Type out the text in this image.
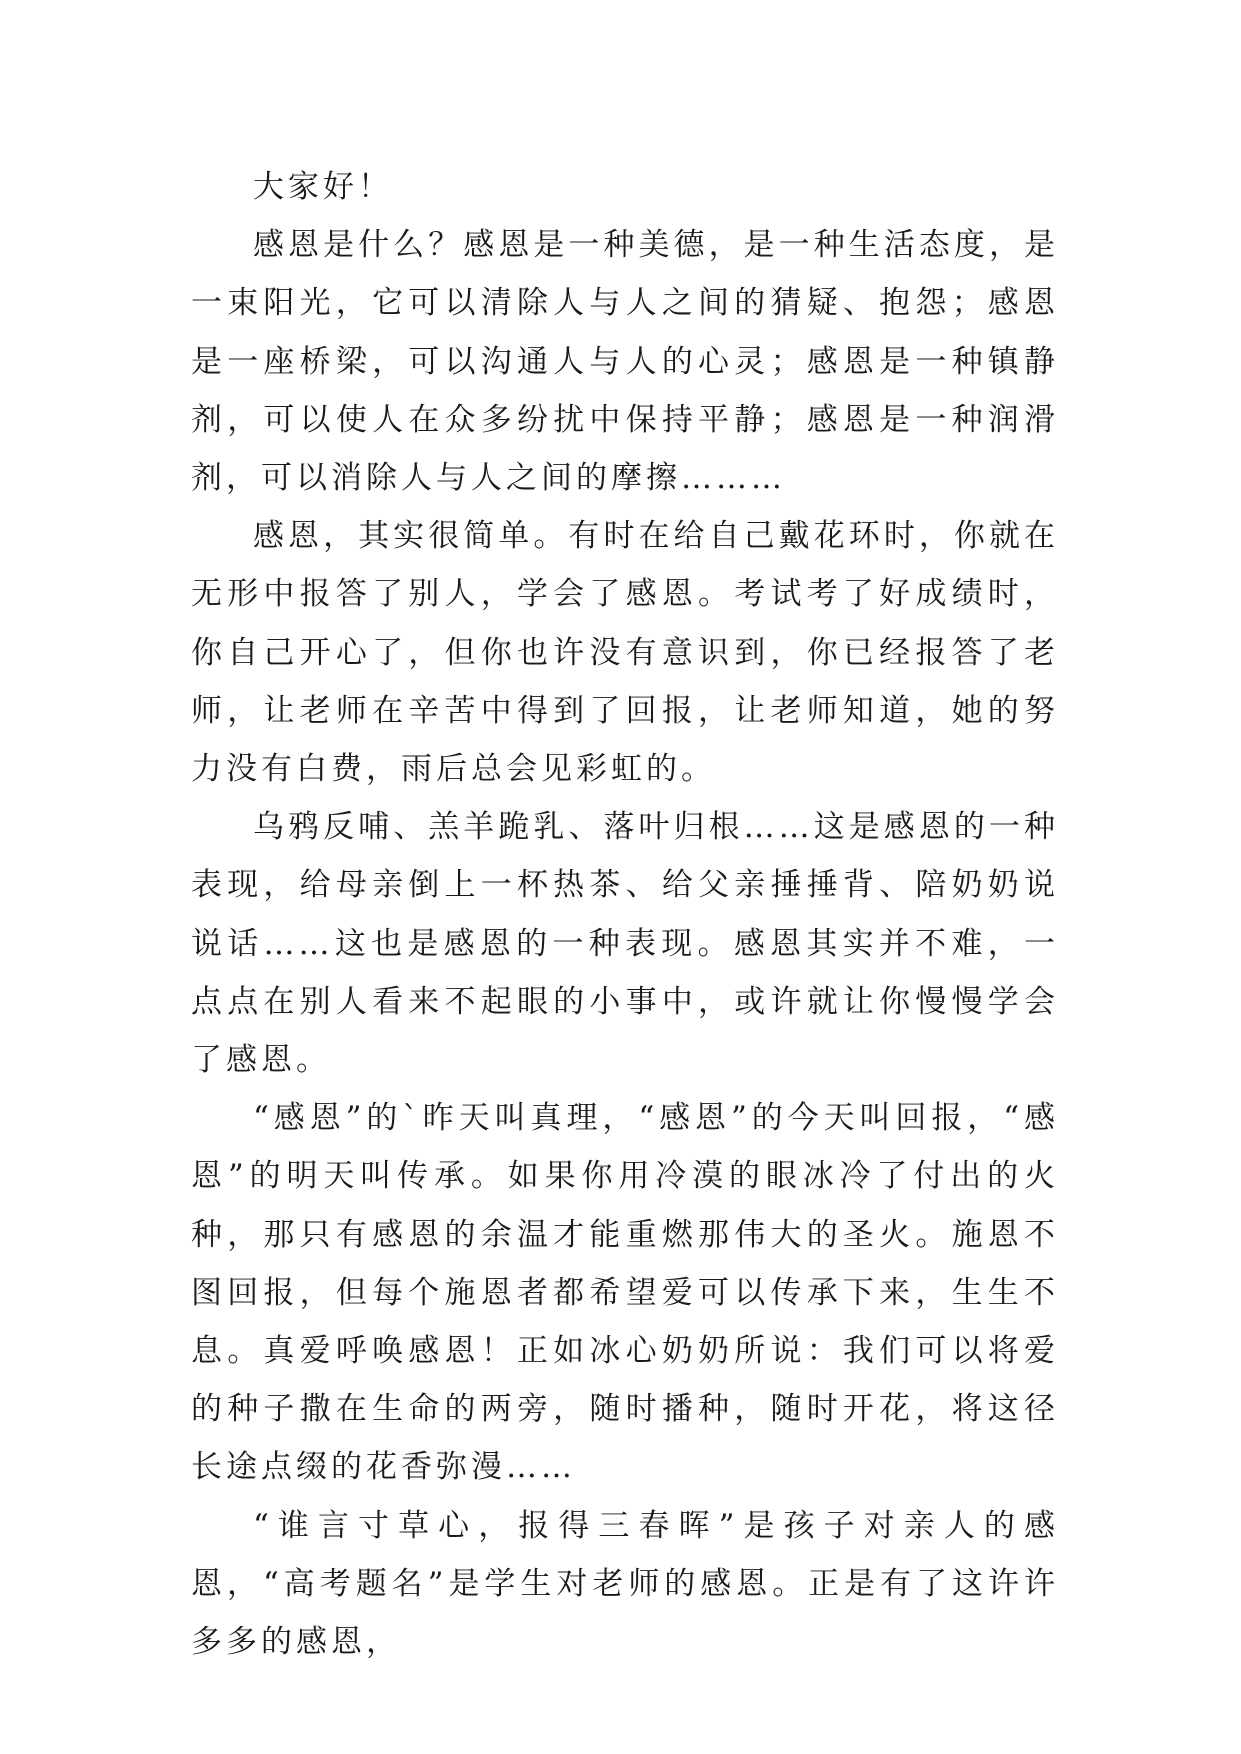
大家好！

感恩是什么？感恩是一种美德，是一种生活态度，是一束阳光，它可以清除人与人之间的猜疑、抱怨；感恩是一座桥梁，可以沟通人与人的心灵；感恩是一种镇静剂，可以使人在众多纷扰中保持平静；感恩是一种润滑剂，可以消除人与人之间的摩擦………

感恩，其实很简单。有时在给自己戴花环时，你就在无形中报答了别人，学会了感恩。考试考了好成绩时，你自己开心了，但你也许没有意识到，你已经报答了老师，让老师在辛苦中得到了回报，让老师知道，她的努力没有白费，雨后总会见彩虹的。

乌鸦反哺、羔羊跪乳、落叶归根……这是感恩的一种表现，给母亲倒上一杯热茶、给父亲捶捶背、陪奶奶说说话……这也是感恩的一种表现。感恩其实并不难，一点点在别人看来不起眼的小事中，或许就让你慢慢学会了感恩。

“感恩”的`昨天叫真理，“感恩”的今天叫回报，“感恩”的明天叫传承。如果你用冷漠的眼冰冷了付出的火种，那只有感恩的余温才能重燃那伟大的圣火。施恩不图回报，但每个施恩者都希望爱可以传承下来，生生不息。真爱呼唤感恩！正如冰心奶奶所说：我们可以将爱的种子撒在生命的两旁，随时播种，随时开花，将这径长途点缀的花香弥漫……

“谁言寸草心，报得三春晖”是孩子对亲人的感恩，“高考题名”是学生对老师的感恩。正是有了这许许多多的感恩，
